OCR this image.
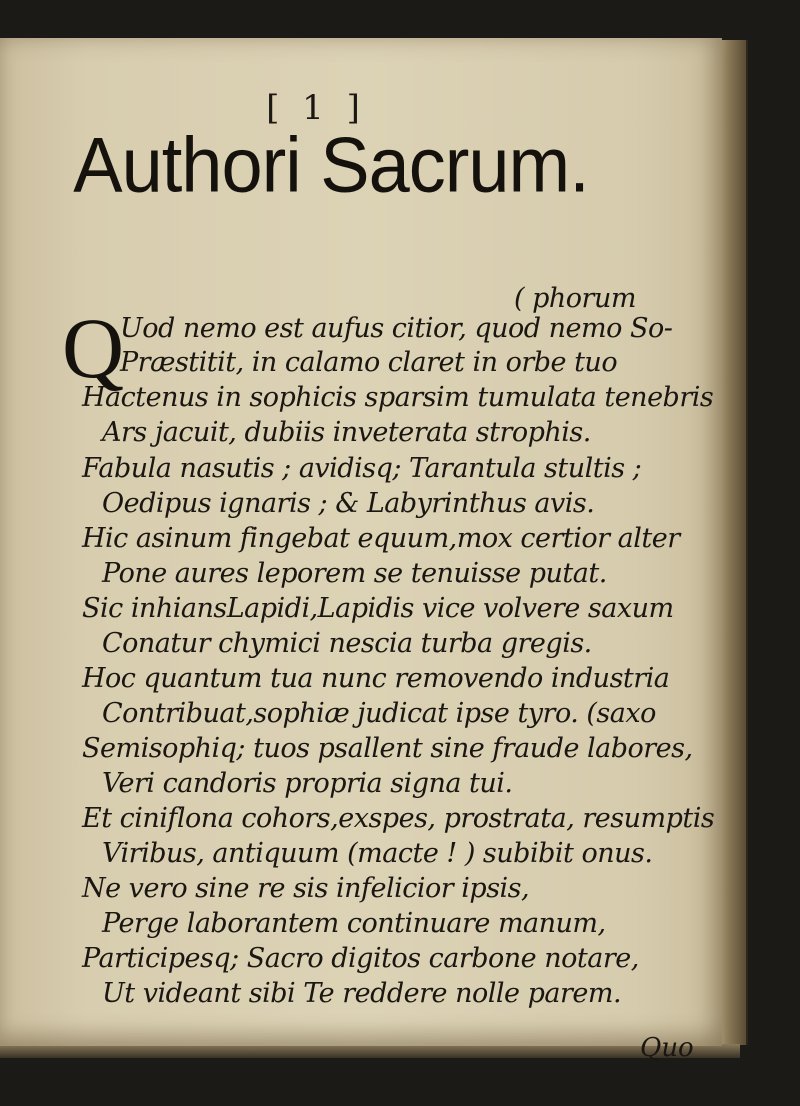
[ 1 ]
Authori Sacrum.
( phorum
Q
Uod nemo est aufus citior, quod nemo So-
Præstitit, in calamo claret in orbe tuo
Hactenus in sophicis sparsim tumulata tenebris
Ars jacuit, dubiis inveterata strophis.
Fabula nasutis ; avidisq; Tarantula stultis ;
Oedipus ignaris ; & Labyrinthus avis.
Hic asinum fingebat equum,mox certior alter
Pone aures leporem se tenuisse putat.
Sic inhiansLapidi,Lapidis vice volvere saxum
Conatur chymici nescia turba gregis.
Hoc quantum tua nunc removendo industria
Contribuat,sophiæ judicat ipse tyro. (saxo
Semisophiq; tuos psallent sine fraude labores,
Veri candoris propria signa tui.
Et ciniflona cohors,exspes, prostrata, resumptis
Viribus, antiquum (macte ! ) subibit onus.
Ne vero sine re sis infelicior ipsis,
Perge laborantem continuare manum,
Participesq; Sacro digitos carbone notare,
Ut videant sibi Te reddere nolle parem.
Quo
